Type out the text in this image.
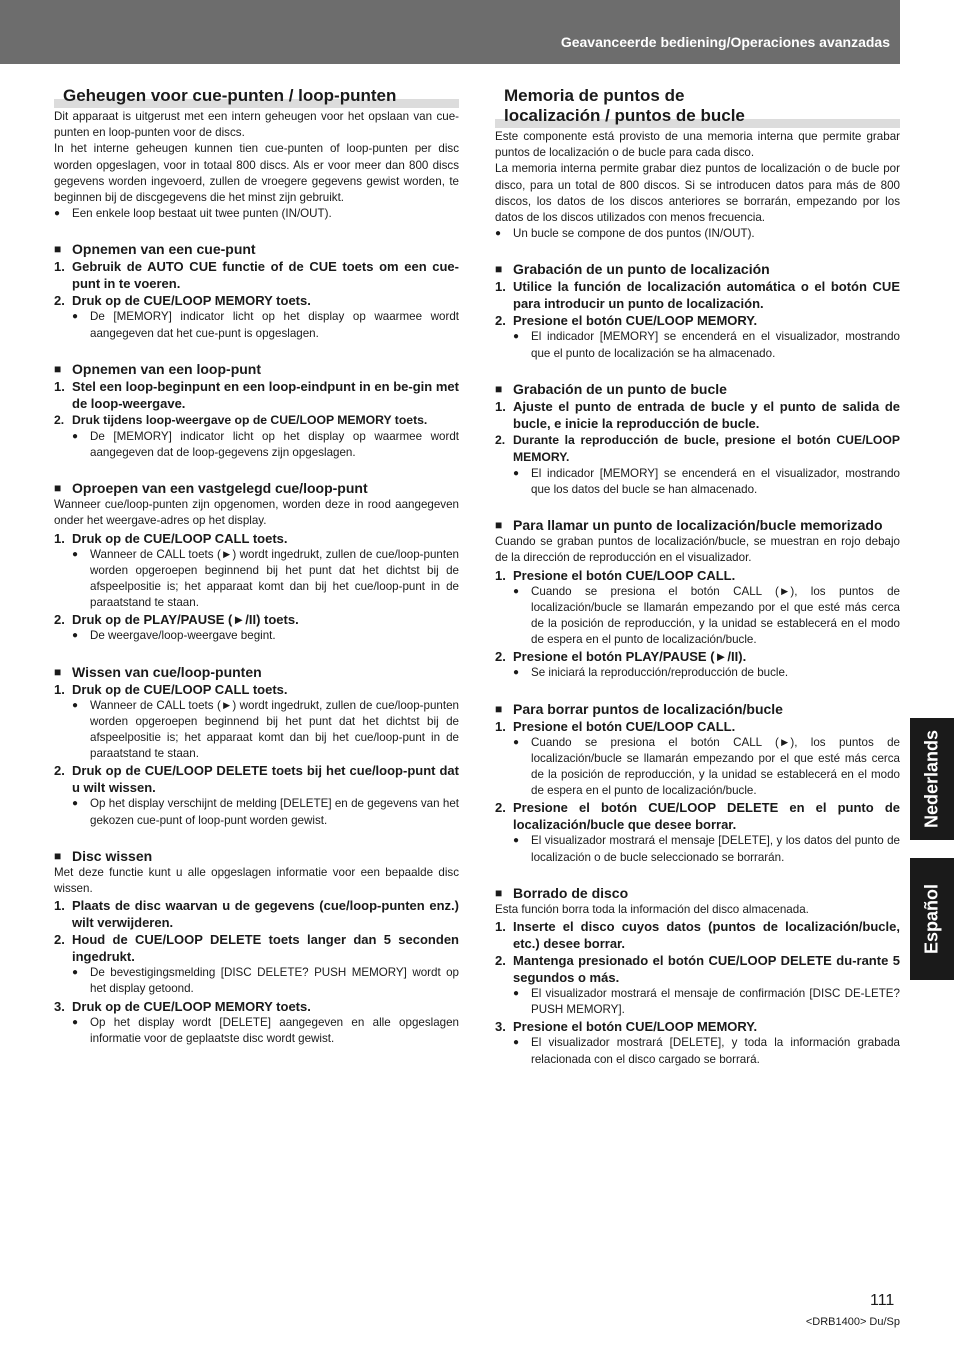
Geavanceerde bediening/Operaciones avanzadas
Geheugen voor cue-punten / loop-punten

Dit apparaat is uitgerust met een intern geheugen voor het opslaan van cue-punten en loop-punten voor de discs.

In het interne geheugen kunnen tien cue-punten of loop-punten per disc worden opgeslagen, voor in totaal 800 discs. Als er voor meer dan 800 discs gegevens worden ingevoerd, zullen de vroegere gegevens gewist worden, te beginnen bij de discgegevens die het minst zijn gebruikt.

●	Een enkele loop bestaat uit twee punten (IN/OUT).
■
Opnemen van een cue-punt
1. Gebruik de AUTO CUE functie of de CUE toets om een cue-punt in te voeren.
2. Druk op de CUE/LOOP MEMORY toets.
●	De [MEMORY] indicator licht op het display op waarmee wordt aangegeven dat het cue-punt is opgeslagen.
■
Opnemen van een loop-punt
1. Stel een loop-beginpunt en een loop-eindpunt in en be-gin met de loop-weergave.
2. Druk tijdens loop-weergave op de CUE/LOOP MEMORY toets.
●	De [MEMORY] indicator licht op het display op waarmee wordt aangegeven dat de loop-gegevens zijn opgeslagen.
■
Oproepen van een vastgelegd cue/loop-punt

Wanneer cue/loop-punten zijn opgenomen, worden deze in rood aangegeven onder het weergave-adres op het display.

1. Druk op de CUE/LOOP CALL toets.
●	Wanneer de CALL toets (►) wordt ingedrukt, zullen de cue/loop-punten worden opgeroepen beginnend bij het punt dat het dichtst bij de afspeelpositie is; het apparaat komt dan bij het cue/loop-punt in de paraatstand te staan.
2. Druk op de PLAY/PAUSE (►/II) toets.
●	De weergave/loop-weergave begint.
■
Wissen van cue/loop-punten
1. Druk op de CUE/LOOP CALL toets.
●	Wanneer de CALL toets (►) wordt ingedrukt, zullen de cue/loop-punten worden opgeroepen beginnend bij het punt dat het dichtst bij de afspeelpositie is; het apparaat komt dan bij het cue/loop-punt in de paraatstand te staan.
2. Druk op de CUE/LOOP DELETE toets bij het cue/loop-punt dat u wilt wissen.
●	Op het display verschijnt de melding [DELETE] en de gegevens van het gekozen cue-punt of loop-punt worden gewist.
■
Disc wissen

Met deze functie kunt u alle opgeslagen informatie voor een bepaalde disc wissen.

1. Plaats de disc waarvan u de gegevens (cue/loop-punten enz.) wilt verwijderen.
2. Houd de CUE/LOOP DELETE toets langer dan 5 seconden ingedrukt.
●	De bevestigingsmelding [DISC DELETE? PUSH MEMORY] wordt op het display getoond.
3. Druk op de CUE/LOOP MEMORY toets.
●	Op het display wordt [DELETE] aangegeven en alle opgeslagen informatie voor de geplaatste disc wordt gewist.
Memoria de puntos de
localización / puntos de bucle

Este componente está provisto de una memoria interna que permite grabar puntos de localización o de bucle para cada disco.

La memoria interna permite grabar diez puntos de localización o de bucle por disco, para un total de 800 discos. Si se introducen datos para más de 800 discos, los datos de los discos anteriores se borrarán, empezando por los datos de los discos utilizados con menos frecuencia.

●	Un bucle se compone de dos puntos (IN/OUT).
■
Grabación de un punto de localización
1. Utilice la función de localización automática o el botón CUE para introducir un punto de localización.
2. Presione el botón CUE/LOOP MEMORY.
●	El indicador [MEMORY] se encenderá en el visualizador, mostrando que el punto de localización se ha almacenado.
■
Grabación de un punto de bucle
1. Ajuste el punto de entrada de bucle y el punto de salida de bucle, e inicie la reproducción de bucle.
2. Durante la reproducción de bucle, presione el botón CUE/LOOP MEMORY.
●	El indicador [MEMORY] se encenderá en el visualizador, mostrando que los datos del bucle se han almacenado.
■
Para llamar un punto de localización/bucle memorizado

Cuando se graban puntos de localización/bucle, se muestran en rojo debajo de la dirección de reproducción en el visualizador.

1. Presione el botón CUE/LOOP CALL.
●	Cuando se presiona el botón CALL (►), los puntos de localización/bucle se llamarán empezando por el que esté más cerca de la posición de reproducción, y la unidad se establecerá en el modo de espera en el punto de localización/bucle.
2. Presione el botón PLAY/PAUSE (►/II).
●	Se iniciará la reproducción/reproducción de bucle.
■
Para borrar puntos de localización/bucle
1. Presione el botón CUE/LOOP CALL.
●	Cuando se presiona el botón CALL (►), los puntos de localización/bucle se llamarán empezando por el que esté más cerca de la posición de reproducción, y la unidad se establecerá en el modo de espera en el punto de localización/bucle.
2. Presione el botón CUE/LOOP DELETE en el punto de localización/bucle que desee borrar.
●	El visualizador mostrará el mensaje [DELETE], y los datos del punto de localización o de bucle seleccionado se borrarán.
■
Borrado de disco

Esta función borra toda la información del disco almacenada.

1. Inserte el disco cuyos datos (puntos de localización/bucle, etc.) desee borrar.
2. Mantenga presionado el botón CUE/LOOP DELETE du-rante 5 segundos o más.
●	El visualizador mostrará el mensaje de confirmación [DISC DE-LETE? PUSH MEMORY].
3. Presione el botón CUE/LOOP MEMORY.
●	El visualizador mostrará [DELETE], y toda la información grabada relacionada con el disco cargado se borrará.
Nederlands
Español
111
<DRB1400> Du/Sp
